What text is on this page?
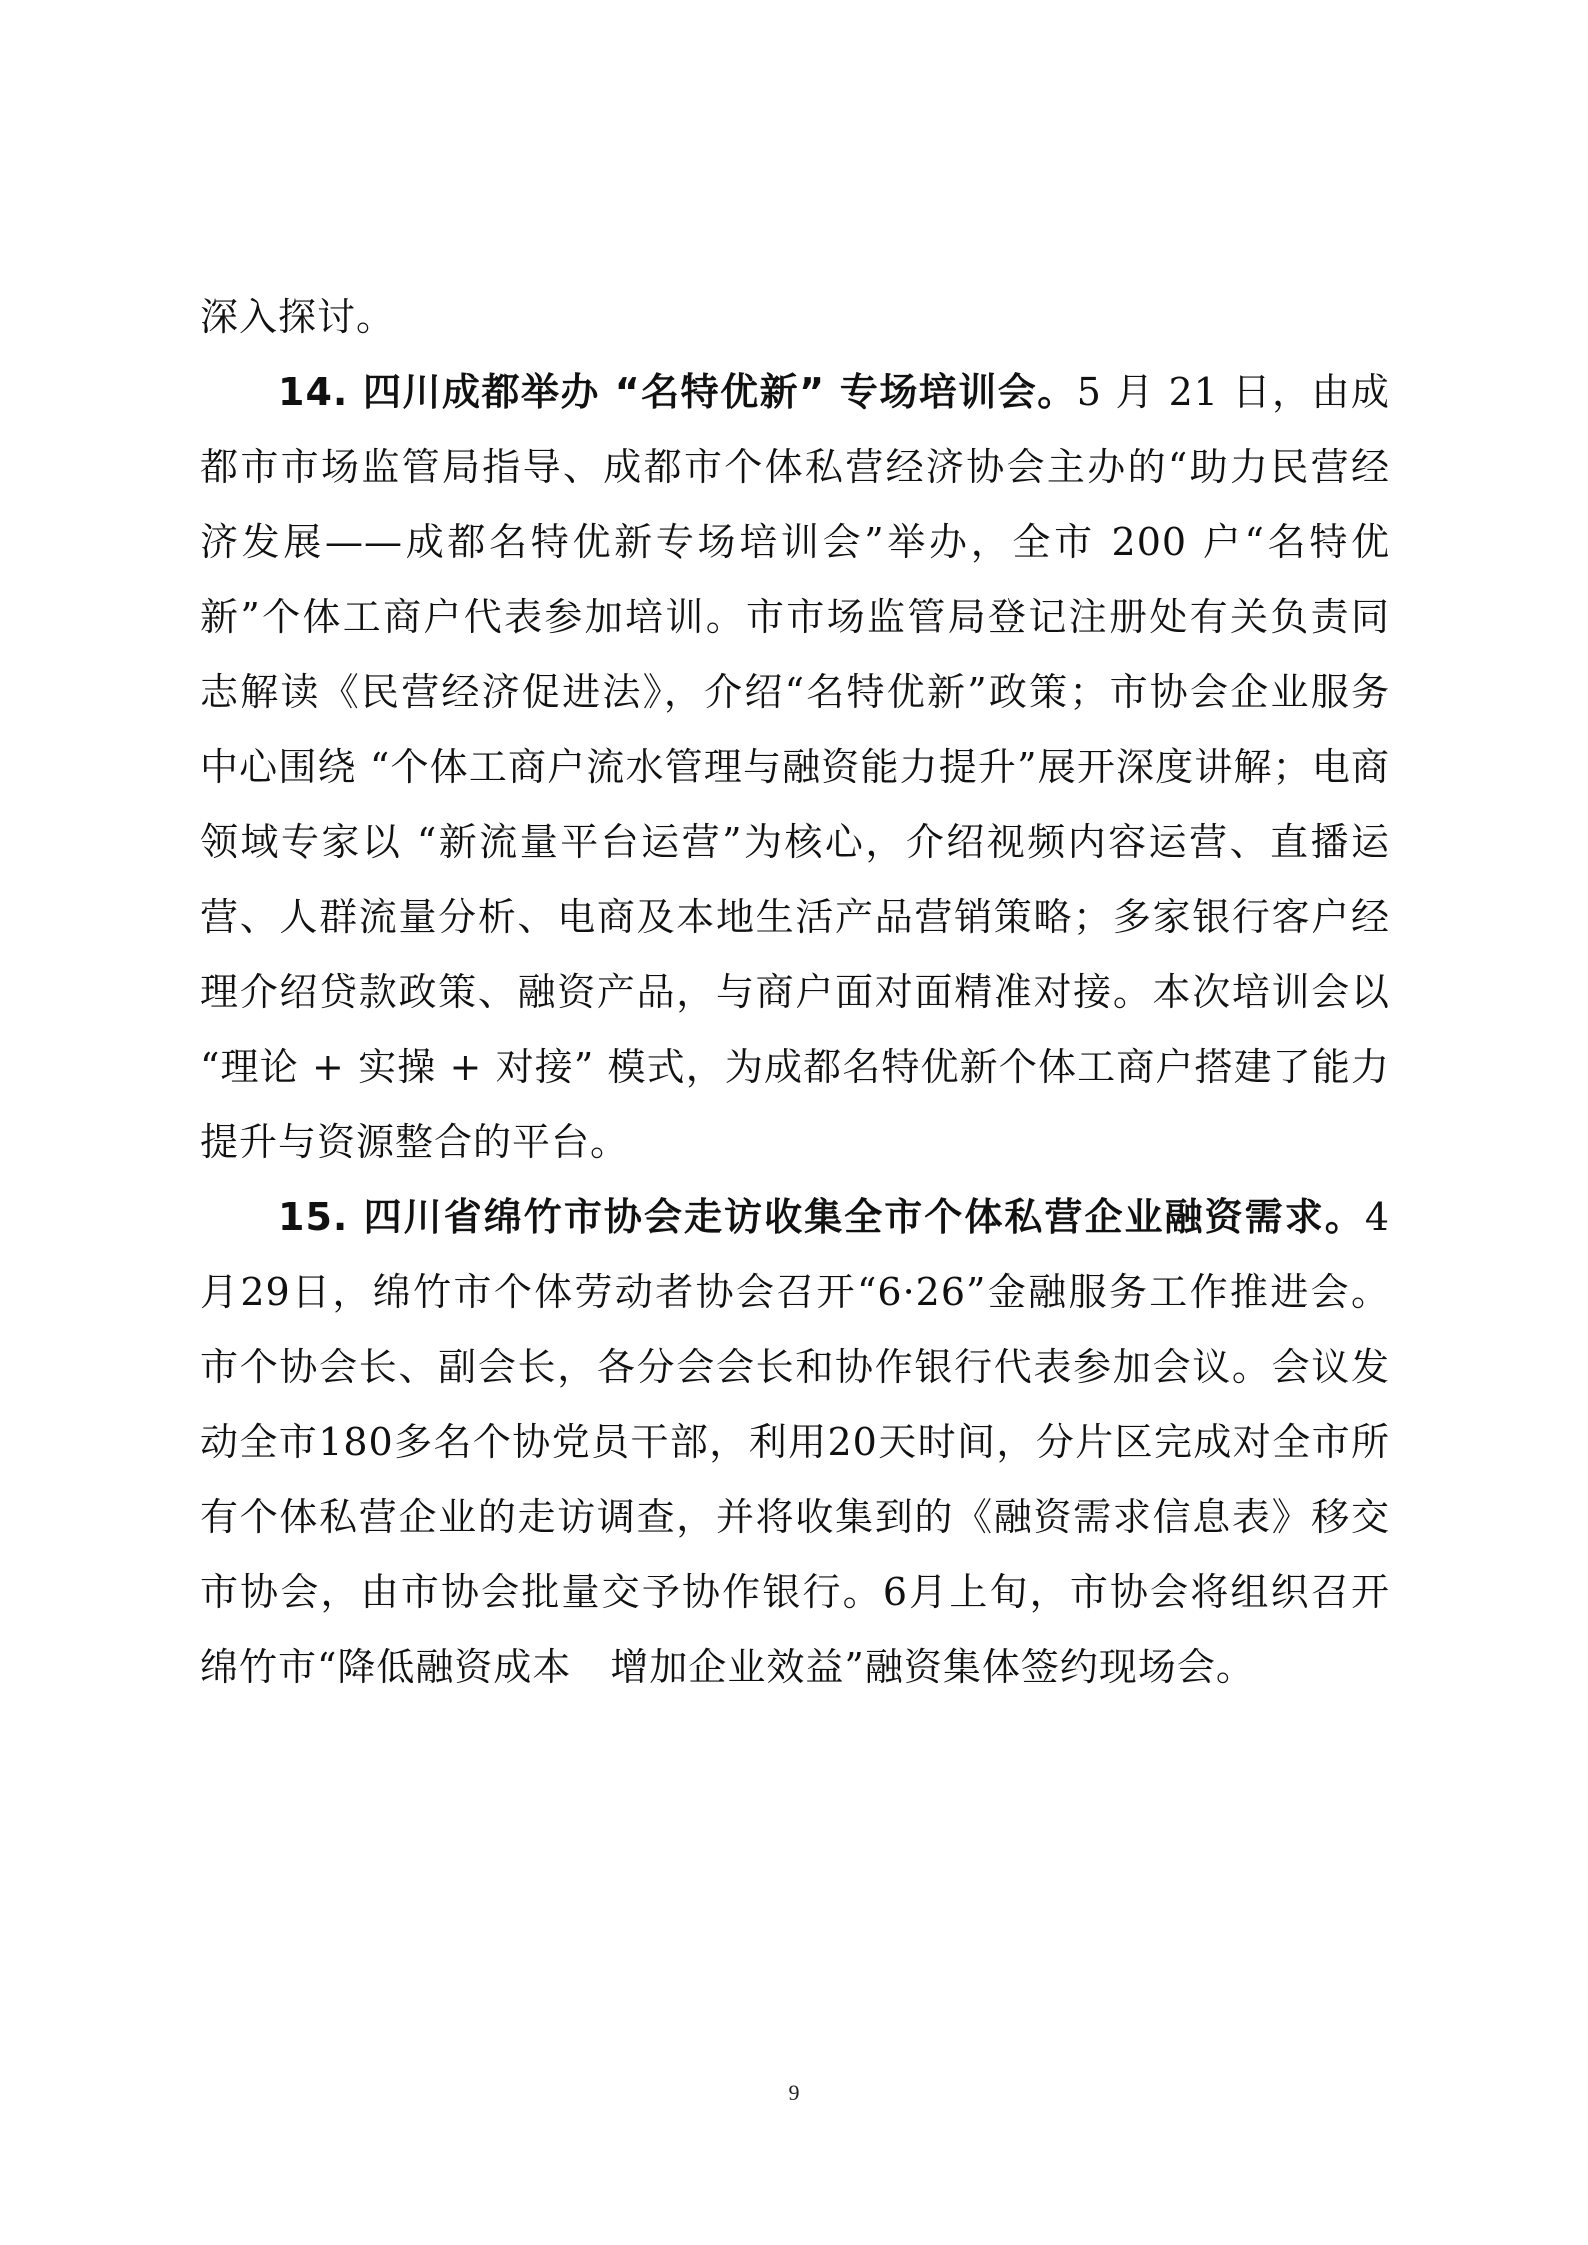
深入探讨。

14. 四川成都举办 “名特优新” 专场培训会。5 月 21 日，由成都市市场监管局指导、成都市个体私营经济协会主办的“助力民营经济发展——成都名特优新专场培训会”举办，全市 200 户“名特优新”个体工商户代表参加培训。市市场监管局登记注册处有关负责同志解读《民营经济促进法》，介绍“名特优新”政策；市协会企业服务中心围绕 “个体工商户流水管理与融资能力提升”展开深度讲解；电商领域专家以 “新流量平台运营”为核心，介绍视频内容运营、直播运营、人群流量分析、电商及本地生活产品营销策略；多家银行客户经理介绍贷款政策、融资产品，与商户面对面精准对接。本次培训会以 “理论 + 实操 + 对接” 模式，为成都名特优新个体工商户搭建了能力提升与资源整合的平台。

15. 四川省绵竹市协会走访收集全市个体私营企业融资需求。4月29日，绵竹市个体劳动者协会召开“6·26”金融服务工作推进会。市个协会长、副会长，各分会会长和协作银行代表参加会议。会议发动全市180多名个协党员干部，利用20天时间，分片区完成对全市所有个体私营企业的走访调查，并将收集到的《融资需求信息表》移交市协会，由市协会批量交予协作银行。6月上旬，市协会将组织召开绵竹市“降低融资成本　增加企业效益”融资集体签约现场会。

9
